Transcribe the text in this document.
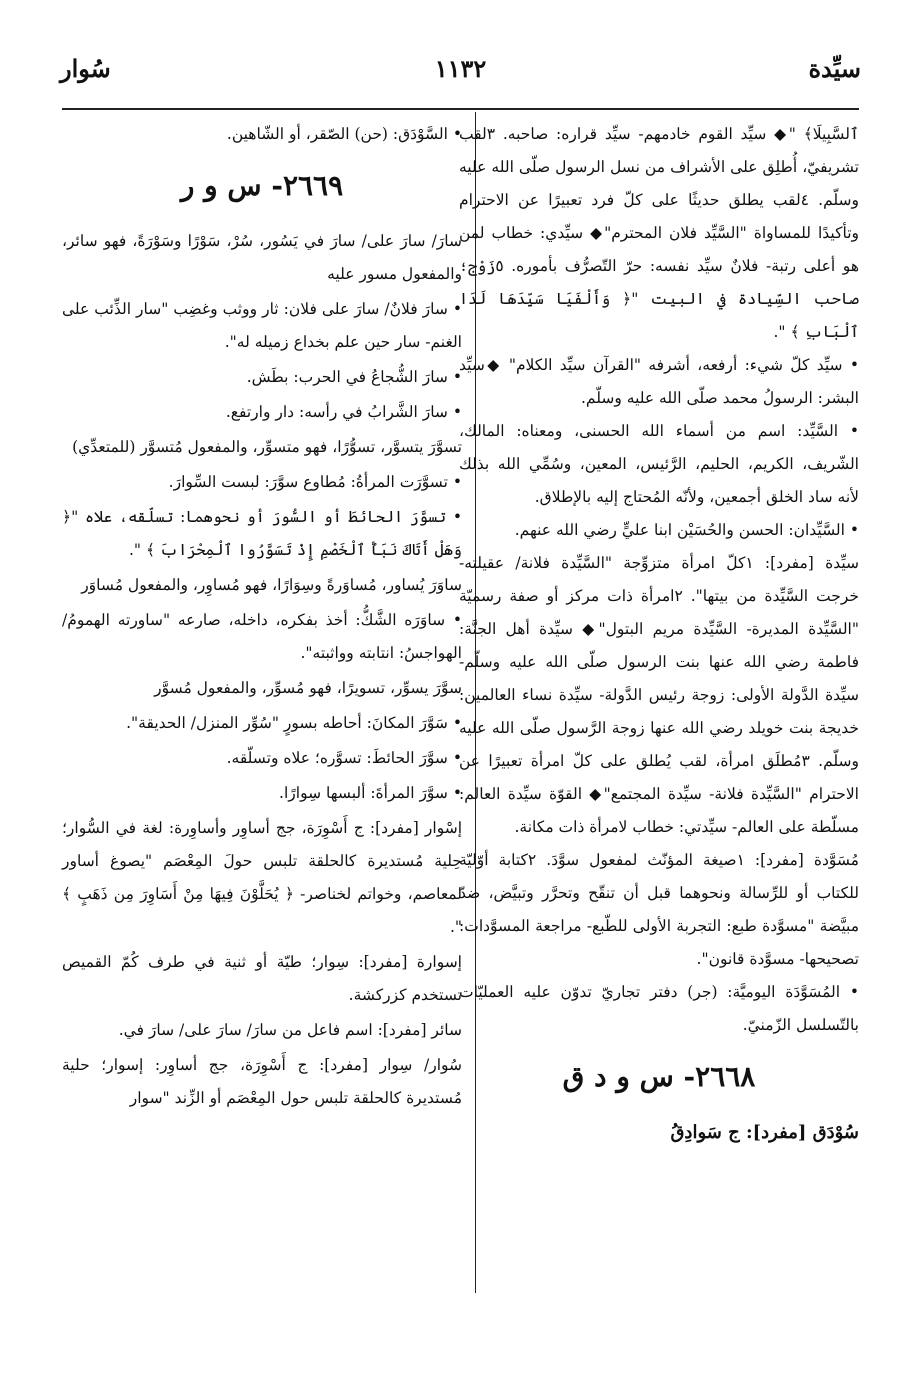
سيِّدة
١١٣٢
سُوار

ٱلسَّبِيلَا﴾ "◆ سيِّد القوم خادمهم- سيِّد قراره: صاحبه. ٣لقب تشريفيّ، أُطلِق على الأشراف من نسل الرسول صلّى الله عليه وسلّم. ٤لقب يطلق حديثًا على كلّ فرد تعبيرًا عن الاحترام وتأكيدًا للمساواة "السَّيِّد فلان المحترم"◆ سيِّدي: خطاب لمن هو أعلى رتبة- فلانٌ سيِّد نفسه: حرّ التّصرُّف بأموره. ٥زَوْج؛ صاحب السِّيادة في البيت "﴿ وَأَلْفَيَا سَيِّدَهَا لَدَا ٱلْبَابِ ﴾ ".

• سيِّد كلّ شيء: أرفعه، أشرفه "القرآن سيِّد الكلام" ◆سيِّد البشر: الرسولُ محمد صلّى الله عليه وسلّم.

• السَّيِّد: اسم من أسماء الله الحسنى، ومعناه: المالك، الشّريف، الكريم، الحليم، الرَّئيس، المعين، وسُمِّي الله بذلك لأنه ساد الخلق أجمعين، ولأنّه المُحتاج إليه بالإطلاق.

• السَّيِّدان: الحسن والحُسَيْن ابنا عليٍّ رضي الله عنهم.

سيِّدة [مفرد]: ١كلّ امرأة متزوِّجة "السَّيِّدة فلانة/ عقيلته- خرجت السَّيِّدة من بيتها". ٢امرأة ذات مركز أو صفة رسميّة "السَّيِّدة المديرة- السَّيِّدة مريم البتول"◆ سيِّدة أهل الجنَّة: فاطمة رضي الله عنها بنت الرسول صلّى الله عليه وسلّم- سيِّدة الدَّولة الأولى: زوجة رئيس الدَّولة- سيِّدة نساء العالمين: خديجة بنت خويلد رضي الله عنها زوجة الرَّسول صلّى الله عليه وسلّم. ٣مُطلَق امرأة، لقب يُطلق على كلّ امرأة تعبيرًا عن الاحترام "السَّيِّدة فلانة- سيِّدة المجتمع"◆ القوّة سيِّدة العالم: مسلّطة على العالم- سيِّدتي: خطاب لامرأة ذات مكانة.

مُسَوَّدة [مفرد]: ١صيغة المؤنّث لمفعول سوَّدَ. ٢كتابة أوّليّة للكتاب أو للرِّسالة ونحوهما قبل أن تنقّح وتحرَّر وتبيَّض، ضدّ مبيَّضة "مسوَّدة طبع: التجربة الأولى للطّبع- مراجعة المسوَّدات: تصحيحها- مسوَّدة قانون".

• المُسَوَّدَة اليوميَّة: (جر) دفتر تجاريّ تدوّن عليه العمليّات بالتّسلسل الزّمنيّ.

٢٦٦٨- س و د ق

سُوْدَق [مفرد]: ج سَوادِقُ

• السَّوْدَق: (حن) الصّقر، أو الشّاهين.

٢٦٦٩- س و ر

سارَ/ سارَ على/ سارَ في يَسُور، سُرْ، سَوْرًا وسَوْرَةً، فهو سائر، والمفعول مسور عليه

• سارَ فلانٌ/ سارَ على فلان: ثار ووثب وغضِب "سار الذِّئب على الغنم- سار حين علم بخداع زميله له".

• سارَ الشُّجاعُ في الحرب: بطَش.

• سارَ الشَّرابُ في رأسه: دار وارتفع.

تسوَّرَ يتسوَّر، تسوُّرًا، فهو متسوِّر، والمفعول مُتسوَّر (للمتعدِّي)

• تسوَّرَت المرأةُ: مُطاوع سوَّرَ: لبست السِّوارَ.

• تسوَّرَ الحائطَ أو السُّورَ أو نحوهما: تسلّقه، علاه "﴿ وَهَلْ أَتَاكَ نَبَأُ ٱلْخَصْمِ إِذْ تَسَوَّرُوا ٱلْمِحْرَابَ ﴾ ".

ساوَرَ يُساور، مُساوَرةً وسِوَارًا، فهو مُساوِر، والمفعول مُساوَر

• ساوَرَه الشَّكُّ: أخذ بفكره، داخله، صارعه "ساورته الهمومُ/ الهواجسُ: انتابته وواثبته".

سوَّرَ يسوِّر، تسويرًا، فهو مُسوِّر، والمفعول مُسوَّر

• سَوَّرَ المكانَ: أحاطه بسورٍ "سُوِّر المنزل/ الحديقة".

• سوَّرَ الحائطَ: تسوَّره؛ علاه وتسلّقه.

• سوَّرَ المرأةَ: ألبسها سِوارًا.

إسْوار [مفرد]: ج أَسْوِرَة، جج أساوِر وأساوِرة: لغة في السُّوار؛ حِلية مُستديرة كالحلقة تلبس حولَ المِعْصَم "يصوغ أساور لمعاصم، وخواتم لخناصر- ﴿ يُحَلَّوْنَ فِيهَا مِنْ أَسَاوِرَ مِن ذَهَبٍ ﴾ ".

إسوارة [مفرد]: سِوار؛ طيّة أو ثنية في طرف كُمّ القميص تستخدم كزركشة.

سائر [مفرد]: اسم فاعل من سارَ/ سارَ على/ سارَ في.

سُوار/ سِوار [مفرد]: ج أَسْوِرَة، جج أساوِر: إسوار؛ حلية مُستديرة كالحلقة تلبس حول المِعْصَم أو الزِّند "سوار
